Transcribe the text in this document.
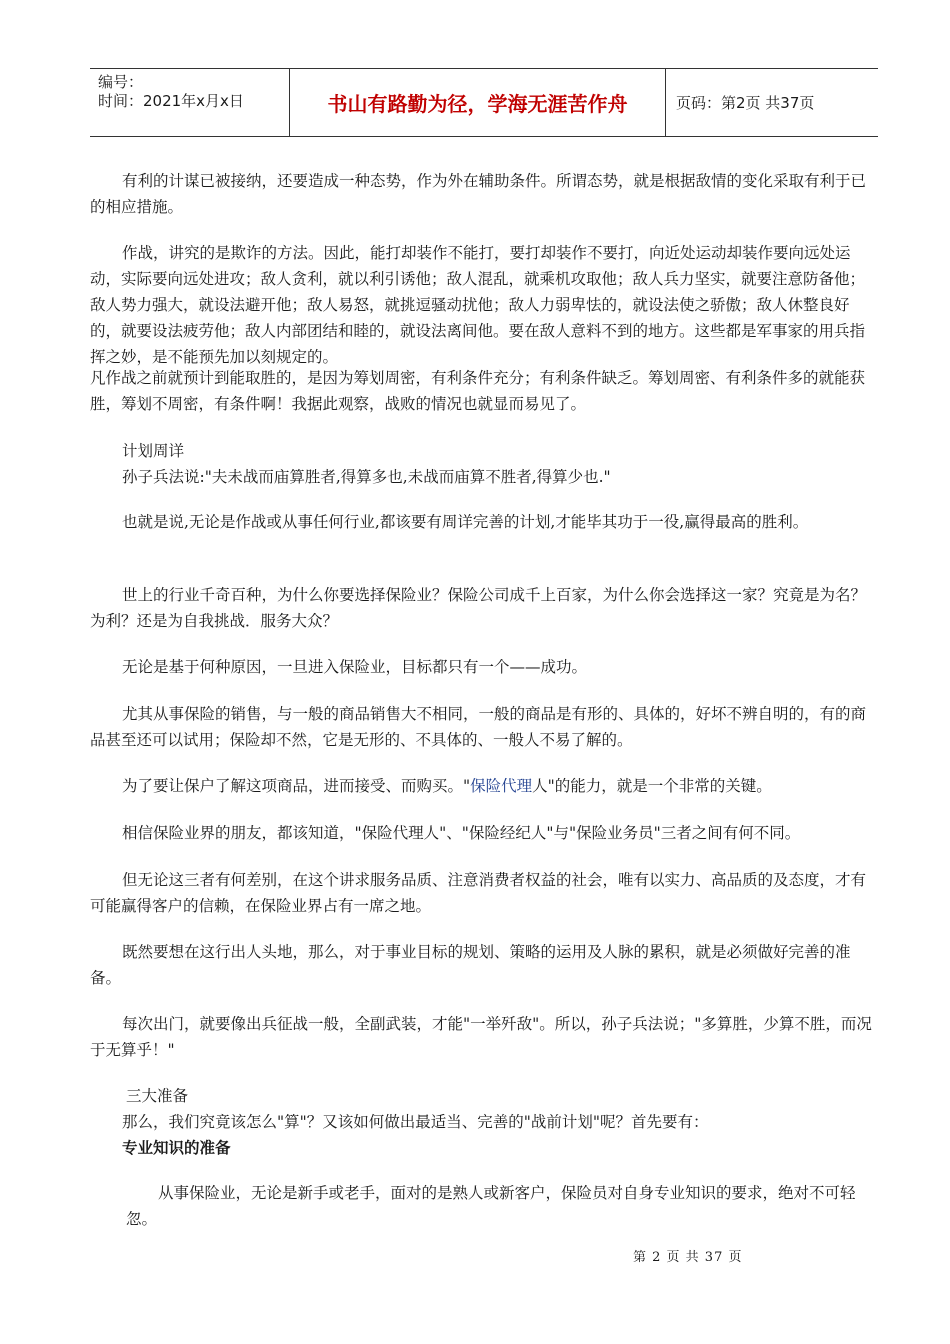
编号：
时间：2021年x月x日	书山有路勤为径，学海无涯苦作舟	页码：第2页 共37页

有利的计谋已被接纳，还要造成一种态势，作为外在辅助条件。所谓态势，就是根据敌情的变化采取有利于已的相应措施。

作战，讲究的是欺诈的方法。因此，能打却装作不能打，要打却装作不要打，向近处运动却装作要向远处运动，实际要向远处进攻；敌人贪利，就以利引诱他；敌人混乱，就乘机攻取他；敌人兵力坚实，就要注意防备他；敌人势力强大，就设法避开他；敌人易怒，就挑逗骚动扰他；敌人力弱卑怯的，就设法使之骄傲；敌人休整良好的，就要设法疲劳他；敌人内部团结和睦的，就设法离间他。要在敌人意料不到的地方。这些都是军事家的用兵指挥之妙，是不能预先加以刻规定的。

凡作战之前就预计到能取胜的，是因为筹划周密，有利条件充分；有利条件缺乏。筹划周密、有利条件多的就能获胜，筹划不周密，有条件啊！我据此观察，战败的情况也就显而易见了。

计划周详

孙子兵法说:"夫未战而庙算胜者,得算多也,未战而庙算不胜者,得算少也."

也就是说,无论是作战或从事任何行业,都该要有周详完善的计划,才能毕其功于一役,赢得最高的胜利。

世上的行业千奇百种，为什么你要选择保险业？保险公司成千上百家，为什么你会选择这一家？究竟是为名？为利？还是为自我挑战．服务大众？

无论是基于何种原因，一旦进入保险业，目标都只有一个——成功。

尤其从事保险的销售，与一般的商品销售大不相同，一般的商品是有形的、具体的，好坏不辨自明的，有的商品甚至还可以试用；保险却不然，它是无形的、不具体的、一般人不易了解的。

为了要让保户了解这项商品，进而接受、而购买。"保险代理人"的能力，就是一个非常的关键。

相信保险业界的朋友，都该知道，"保险代理人"、"保险经纪人"与"保险业务员"三者之间有何不同。

但无论这三者有何差别，在这个讲求服务品质、注意消费者权益的社会，唯有以实力、高品质的及态度，才有可能赢得客户的信赖，在保险业界占有一席之地。

既然要想在这行出人头地，那么，对于事业目标的规划、策略的运用及人脉的累积，就是必须做好完善的准备。

每次出门，就要像出兵征战一般，全副武装，才能"一举歼敌"。所以，孙子兵法说；"多算胜，少算不胜，而况于无算乎！"

三大准备

那么，我们究竟该怎么"算"？又该如何做出最适当、完善的"战前计划"呢？首先要有：

专业知识的准备

从事保险业，无论是新手或老手，面对的是熟人或新客户，保险员对自身专业知识的要求，绝对不可轻忽。

第 2 页 共 37 页
